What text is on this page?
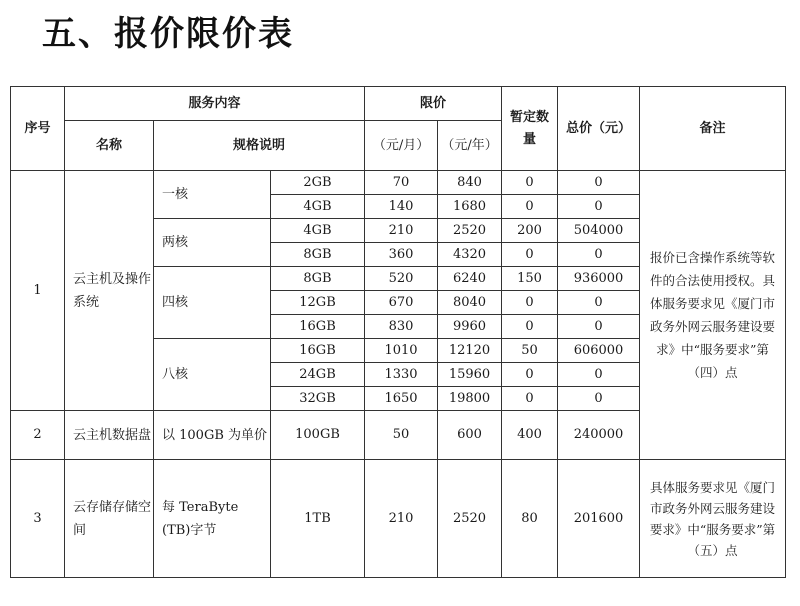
五、报价限价表
序号	服务内容			限价		暂定数量	总价（元）	备注
	名称	规格说明		（元/月）	（元/年）			
1	云主机及操作系统	一核	2GB	70	840	0	0	报价已含操作系统等软件的合法使用授权。具体服务要求见《厦门市政务外网云服务建设要求》中“服务要求”第（四）点
			4GB	140	1680	0	0	
		两核	4GB	210	2520	200	504000	
			8GB	360	4320	0	0	
		四核	8GB	520	6240	150	936000	
			12GB	670	8040	0	0	
			16GB	830	9960	0	0	
		八核	16GB	1010	12120	50	606000	
			24GB	1330	15960	0	0	
			32GB	1650	19800	0	0	
2	云主机数据盘	以 100GB 为单价	100GB	50	600	400	240000	
3	云存储存储空间	每 TeraByte (TB)字节	1TB	210	2520	80	201600	具体服务要求见《厦门市政务外网云服务建设要求》中“服务要求”第（五）点
